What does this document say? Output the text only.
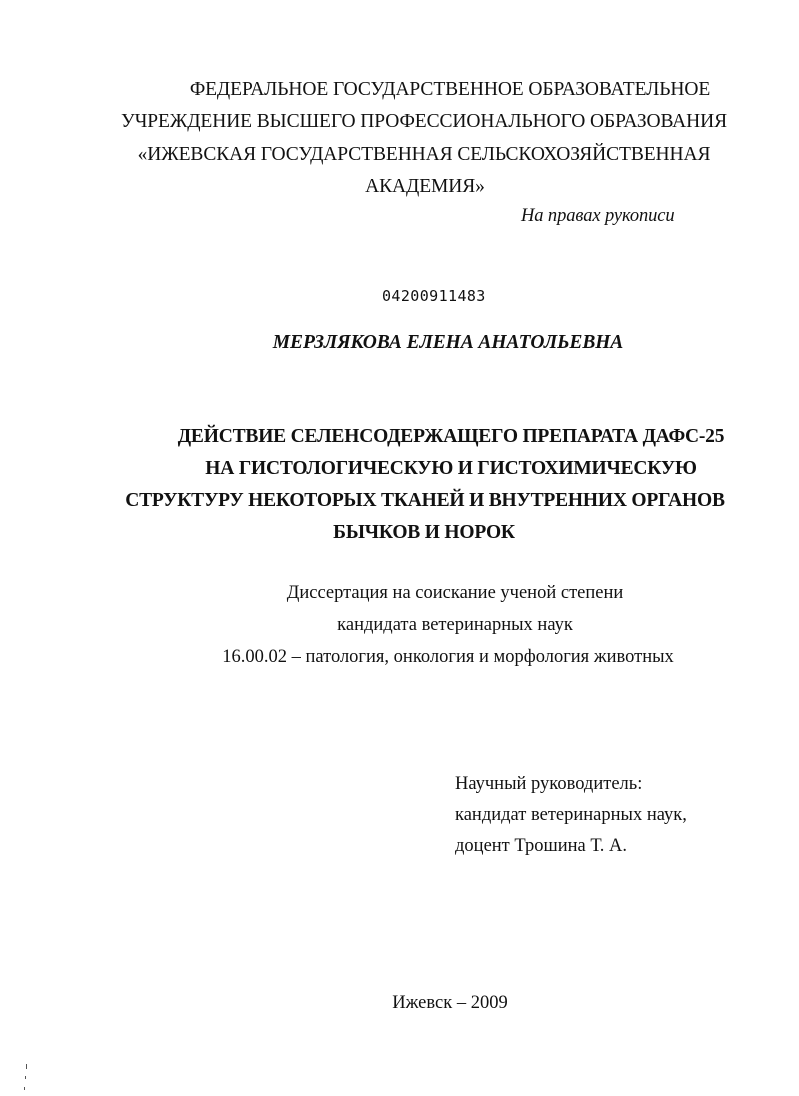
ФЕДЕРАЛЬНОЕ ГОСУДАРСТВЕННОЕ ОБРАЗОВАТЕЛЬНОЕ
УЧРЕЖДЕНИЕ ВЫСШЕГО ПРОФЕССИОНАЛЬНОГО ОБРАЗОВАНИЯ
«ИЖЕВСКАЯ ГОСУДАРСТВЕННАЯ СЕЛЬСКОХОЗЯЙСТВЕННАЯ
АКАДЕМИЯ»
На правах рукописи
04200911483
МЕРЗЛЯКОВА ЕЛЕНА АНАТОЛЬЕВНА
ДЕЙСТВИЕ СЕЛЕНСОДЕРЖАЩЕГО ПРЕПАРАТА ДАФС-25
НА ГИСТОЛОГИЧЕСКУЮ И ГИСТОХИМИЧЕСКУЮ
СТРУКТУРУ НЕКОТОРЫХ ТКАНЕЙ И ВНУТРЕННИХ ОРГАНОВ
БЫЧКОВ И НОРОК
Диссертация на соискание ученой степени
кандидата ветеринарных наук
16.00.02 – патология, онкология и морфология животных
Научный руководитель:
кандидат ветеринарных наук,
доцент Трошина Т. А.
Ижевск – 2009
